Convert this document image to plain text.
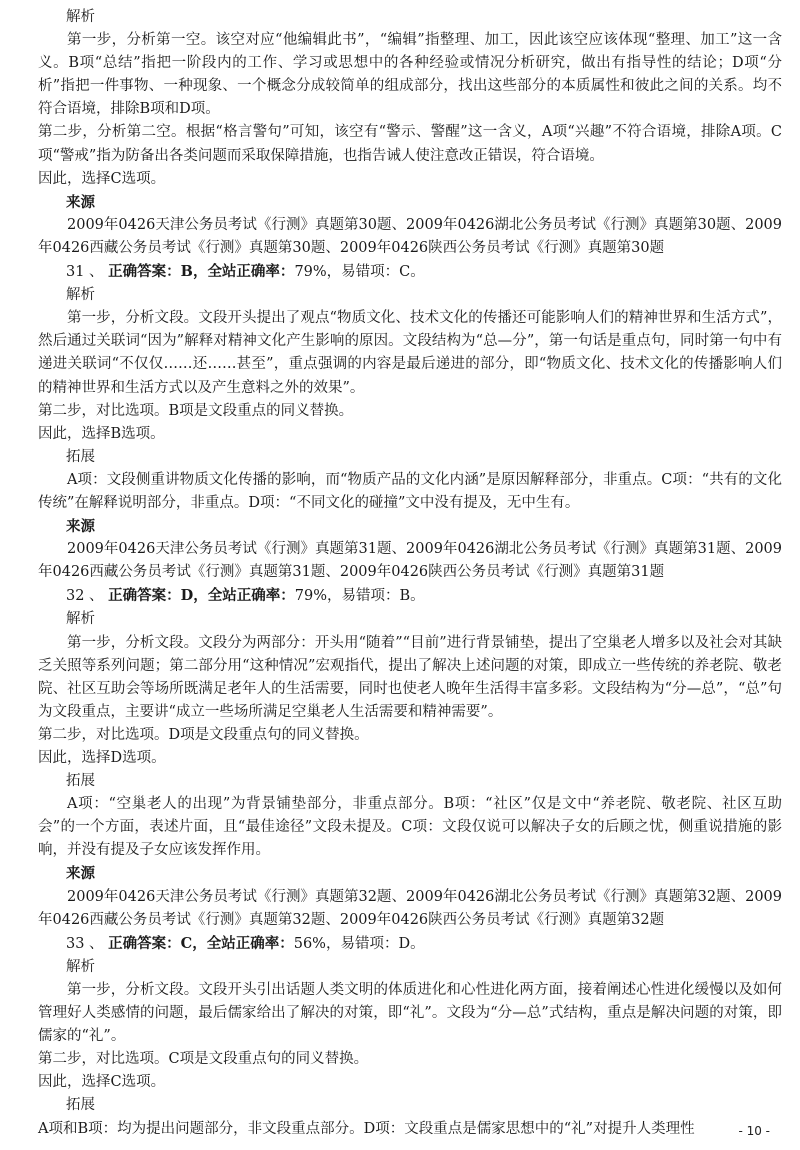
解析

第一步，分析第一空。该空对应“他编辑此书”，“编辑”指整理、加工，因此该空应该体现“整理、加工”这一含义。B项“总结”指把一阶段内的工作、学习或思想中的各种经验或情况分析研究，做出有指导性的结论；D项“分析”指把一件事物、一种现象、一个概念分成较简单的组成部分，找出这些部分的本质属性和彼此之间的关系。均不符合语境，排除B项和D项。

第二步，分析第二空。根据“格言警句”可知，该空有“警示、警醒”这一含义，A项“兴趣”不符合语境，排除A项。C项“警戒”指为防备出各类问题而采取保障措施，也指告诫人使注意改正错误，符合语境。

因此，选择C选项。

来源

2009年0426天津公务员考试《行测》真题第30题、2009年0426湖北公务员考试《行测》真题第30题、2009年0426西藏公务员考试《行测》真题第30题、2009年0426陕西公务员考试《行测》真题第30题

31 、 正确答案：B，全站正确率：79%，易错项：C。

解析

第一步，分析文段。文段开头提出了观点“物质文化、技术文化的传播还可能影响人们的精神世界和生活方式”，然后通过关联词“因为”解释对精神文化产生影响的原因。文段结构为“总—分”，第一句话是重点句，同时第一句中有递进关联词“不仅仅……还……甚至”，重点强调的内容是最后递进的部分，即“物质文化、技术文化的传播影响人们的精神世界和生活方式以及产生意料之外的效果”。

第二步，对比选项。B项是文段重点的同义替换。

因此，选择B选项。

拓展

A项：文段侧重讲物质文化传播的影响，而“物质产品的文化内涵”是原因解释部分，非重点。C项：“共有的文化传统”在解释说明部分，非重点。D项：“不同文化的碰撞”文中没有提及，无中生有。

来源

2009年0426天津公务员考试《行测》真题第31题、2009年0426湖北公务员考试《行测》真题第31题、2009年0426西藏公务员考试《行测》真题第31题、2009年0426陕西公务员考试《行测》真题第31题

32 、 正确答案：D，全站正确率：79%，易错项：B。

解析

第一步，分析文段。文段分为两部分：开头用“随着”“目前”进行背景铺垫，提出了空巢老人增多以及社会对其缺乏关照等系列问题；第二部分用“这种情况”宏观指代，提出了解决上述问题的对策，即成立一些传统的养老院、敬老院、社区互助会等场所既满足老年人的生活需要，同时也使老人晚年生活得丰富多彩。文段结构为“分—总”，“总”句为文段重点，主要讲“成立一些场所满足空巢老人生活需要和精神需要”。

第二步，对比选项。D项是文段重点句的同义替换。

因此，选择D选项。

拓展

A项：“空巢老人的出现”为背景铺垫部分，非重点部分。B项：“社区”仅是文中“养老院、敬老院、社区互助会”的一个方面，表述片面，且“最佳途径”文段未提及。C项：文段仅说可以解决子女的后顾之忧，侧重说措施的影响，并没有提及子女应该发挥作用。

来源

2009年0426天津公务员考试《行测》真题第32题、2009年0426湖北公务员考试《行测》真题第32题、2009年0426西藏公务员考试《行测》真题第32题、2009年0426陕西公务员考试《行测》真题第32题

33 、 正确答案：C，全站正确率：56%，易错项：D。

解析

第一步，分析文段。文段开头引出话题人类文明的体质进化和心性进化两方面，接着阐述心性进化缓慢以及如何管理好人类感情的问题，最后儒家给出了解决的对策，即“礼”。文段为“分—总”式结构，重点是解决问题的对策，即儒家的“礼”。

第二步，对比选项。C项是文段重点句的同义替换。

因此，选择C选项。

拓展

A项和B项：均为提出问题部分，非文段重点部分。D项：文段重点是儒家思想中的“礼”对提升人类理性	- 10 -
